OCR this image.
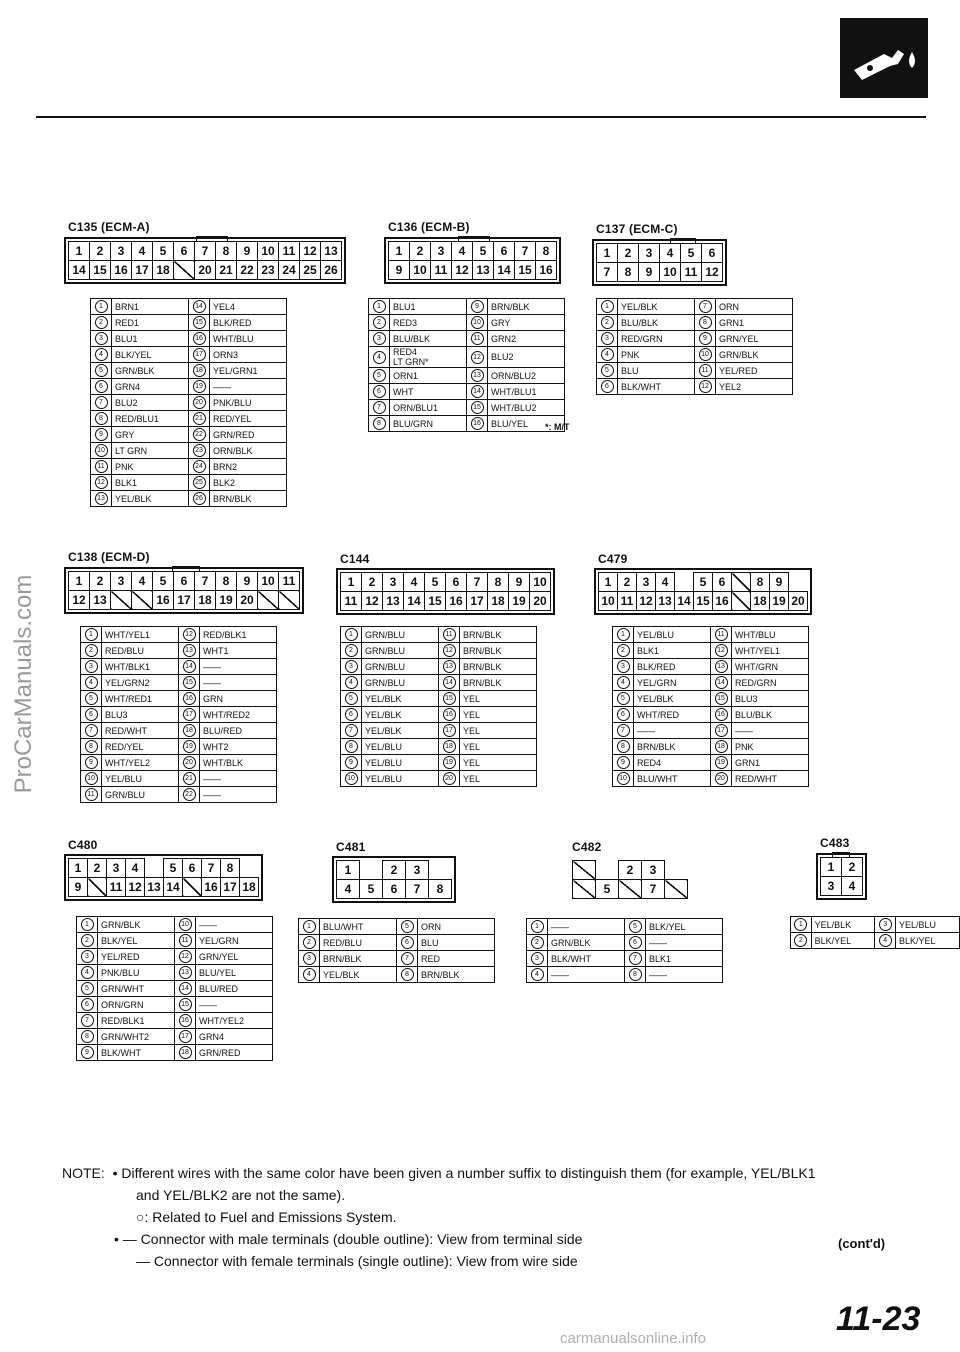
ProCarManuals.com
C135 (ECM-A)
1	2	3	4	5	6	7	8	9	10	11	12	13
14	15	16	17	18		20	21	22	23	24	25	26
1	BRN1	14	YEL4
2	RED1	15	BLK/RED
3	BLU1	16	WHT/BLU
4	BLK/YEL	17	ORN3
5	GRN/BLK	18	YEL/GRN1
6	GRN4	19	——
7	BLU2	20	PNK/BLU
8	RED/BLU1	21	RED/YEL
9	GRY	22	GRN/RED
10	LT GRN	23	ORN/BLK
11	PNK	24	BRN2
12	BLK1	25	BLK2
13	YEL/BLK	26	BRN/BLK
C136 (ECM-B)
1	2	3	4	5	6	7	8
9	10	11	12	13	14	15	16
1	BLU1	9	BRN/BLK
2	RED3	10	GRY
3	BLU/BLK	11	GRN2
4	RED4
LT GRN*	12	BLU2
5	ORN1	13	ORN/BLU2
6	WHT	14	WHT/BLU1
7	ORN/BLU1	15	WHT/BLU2
8	BLU/GRN	16	BLU/YEL *: M/T
C137 (ECM-C)
1	2	3	4	5	6
7	8	9	10	11	12
1	YEL/BLK	7	ORN
2	BLU/BLK	8	GRN1
3	RED/GRN	9	GRN/YEL
4	PNK	10	GRN/BLK
5	BLU	11	YEL/RED
6	BLK/WHT	12	YEL2
C138 (ECM-D)
1	2	3	4	5	6	7	8	9	10	11
12	13			16	17	18	19	20		
1	WHT/YEL1	12	RED/BLK1
2	RED/BLU	13	WHT1
3	WHT/BLK1	14	——
4	YEL/GRN2	15	——
5	WHT/RED1	16	GRN
6	BLU3	17	WHT/RED2
7	RED/WHT	18	BLU/RED
8	RED/YEL	19	WHT2
9	WHT/YEL2	20	WHT/BLK
10	YEL/BLU	21	——
11	GRN/BLU	22	——
C144
1	2	3	4	5	6	7	8	9	10
11	12	13	14	15	16	17	18	19	20
1	GRN/BLU	11	BRN/BLK
2	GRN/BLU	12	BRN/BLK
3	GRN/BLU	13	BRN/BLK
4	GRN/BLU	14	BRN/BLK
5	YEL/BLK	15	YEL
6	YEL/BLK	16	YEL
7	YEL/BLK	17	YEL
8	YEL/BLU	18	YEL
9	YEL/BLU	19	YEL
10	YEL/BLU	20	YEL
C479
1	2	3	4		5	6		8	9	
10	11	12	13	14	15	16		18	19	20
1	YEL/BLU	11	WHT/BLU
2	BLK1	12	WHT/YEL1
3	BLK/RED	13	WHT/GRN
4	YEL/GRN	14	RED/GRN
5	YEL/BLK	15	BLU3
6	WHT/RED	16	BLU/BLK
7	——	17	——
8	BRN/BLK	18	PNK
9	RED4	19	GRN1
10	BLU/WHT	20	RED/WHT
C480
1	2	3	4		5	6	7	8	
9		11	12	13	14		16	17	18
1	GRN/BLK	10	——
2	BLK/YEL	11	YEL/GRN
3	YEL/RED	12	GRN/YEL
4	PNK/BLU	13	BLU/YEL
5	GRN/WHT	14	BLU/RED
6	ORN/GRN	15	——
7	RED/BLK1	16	WHT/YEL2
8	GRN/WHT2	17	GRN4
9	BLK/WHT	18	GRN/RED
C481
1		2	3	
4	5	6	7	8
1	BLU/WHT	5	ORN
2	RED/BLU	6	BLU
3	BRN/BLK	7	RED
4	YEL/BLK	8	BRN/BLK
C482
		2	3	
	5		7	
1	——	5	BLK/YEL
2	GRN/BLK	6	——
3	BLK/WHT	7	BLK1
4	——	8	——
C483
1	2
3	4
1	YEL/BLK	3	YEL/BLU
2	BLK/YEL	4	BLK/YEL
NOTE: • Different wires with the same color have been given a number suffix to distinguish them (for example, YEL/BLK1
and YEL/BLK2 are not the same).
○: Related to Fuel and Emissions System.
• — Connector with male terminals (double outline): View from terminal side
— Connector with female terminals (single outline): View from wire side
(cont'd)
11-23
carmanualsonline.info
